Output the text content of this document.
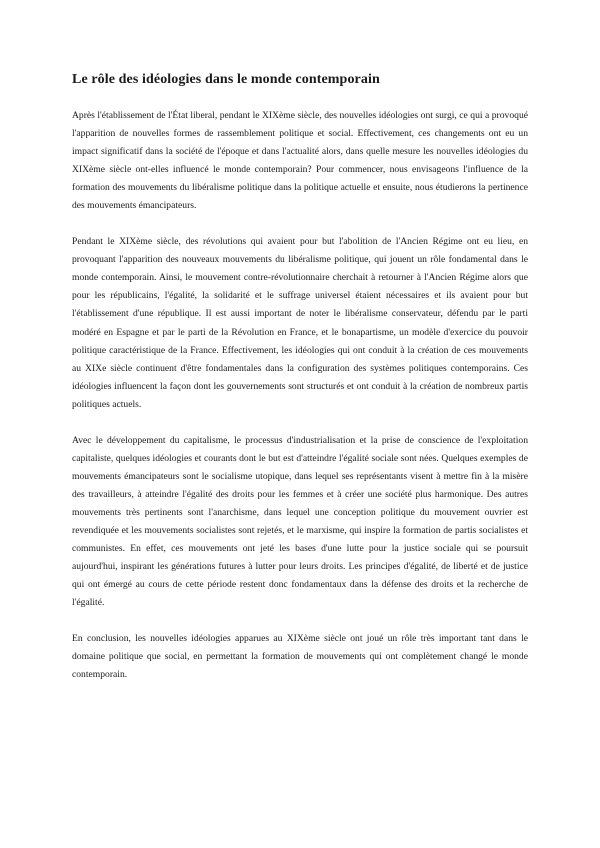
Le rôle des idéologies dans le monde contemporain

Après l'établissement de l'État liberal, pendant le XIXème siècle, des nouvelles idéologies ont surgi, ce qui a provoqué l'apparition de nouvelles formes de rassemblement politique et social. Effectivement, ces changements ont eu un impact significatif dans la société de l'époque et dans l'actualité alors, dans quelle mesure les nouvelles idéologies du XIXème siècle ont-elles influencé le monde contemporain? Pour commencer, nous envisageons l'influence de la formation des mouvements du libéralisme politique dans la politique actuelle et ensuite, nous étudierons la pertinence des mouvements émancipateurs.

Pendant le XIXème siècle, des révolutions qui avaient pour but l'abolition de l'Ancien Régime ont eu lieu, en provoquant l'apparition des nouveaux mouvements du libéralisme politique, qui jouent un rôle fondamental dans le monde contemporain. Ainsi, le mouvement contre-révolutionnaire cherchait à retourner à l'Ancien Régime alors que pour les républicains, l'égalité, la solidarité et le suffrage universel étaient nécessaires et ils avaient pour but l'établissement d'une république. Il est aussi important de noter le libéralisme conservateur, défendu par le parti modéré en Espagne et par le parti de la Révolution en France, et le bonapartisme, un modèle d'exercice du pouvoir politique caractéristique de la France. Effectivement, les idéologies qui ont conduit à la création de ces mouvements au XIXe siècle continuent d'être fondamentales dans la configuration des systèmes politiques contemporains. Ces idéologies influencent la façon dont les gouvernements sont structurés et ont conduit à la création de nombreux partis politiques actuels.

Avec le développement du capitalisme, le processus d'industrialisation et la prise de conscience de l'exploitation capitaliste, quelques idéologies et courants dont le but est d'atteindre l'égalité sociale sont nées. Quelques exemples de mouvements émancipateurs sont le socialisme utopique, dans lequel ses représentants visent à mettre fin à la misère des travailleurs, à atteindre l'égalité des droits pour les femmes et à créer une société plus harmonique. Des autres mouvements très pertinents sont l'anarchisme, dans lequel une conception politique du mouvement ouvrier est revendiquée et les mouvements socialistes sont rejetés, et le marxisme, qui inspire la formation de partis socialistes et communistes. En effet, ces mouvements ont jeté les bases d'une lutte pour la justice sociale qui se poursuit aujourd'hui, inspirant les générations futures à lutter pour leurs droits. Les principes d'égalité, de liberté et de justice qui ont émergé au cours de cette période restent donc fondamentaux dans la défense des droits et la recherche de l'égalité.

En conclusion, les nouvelles idéologies apparues au XIXème siècle ont joué un rôle très important tant dans le domaine politique que social, en permettant la formation de mouvements qui ont complètement changé le monde contemporain.
